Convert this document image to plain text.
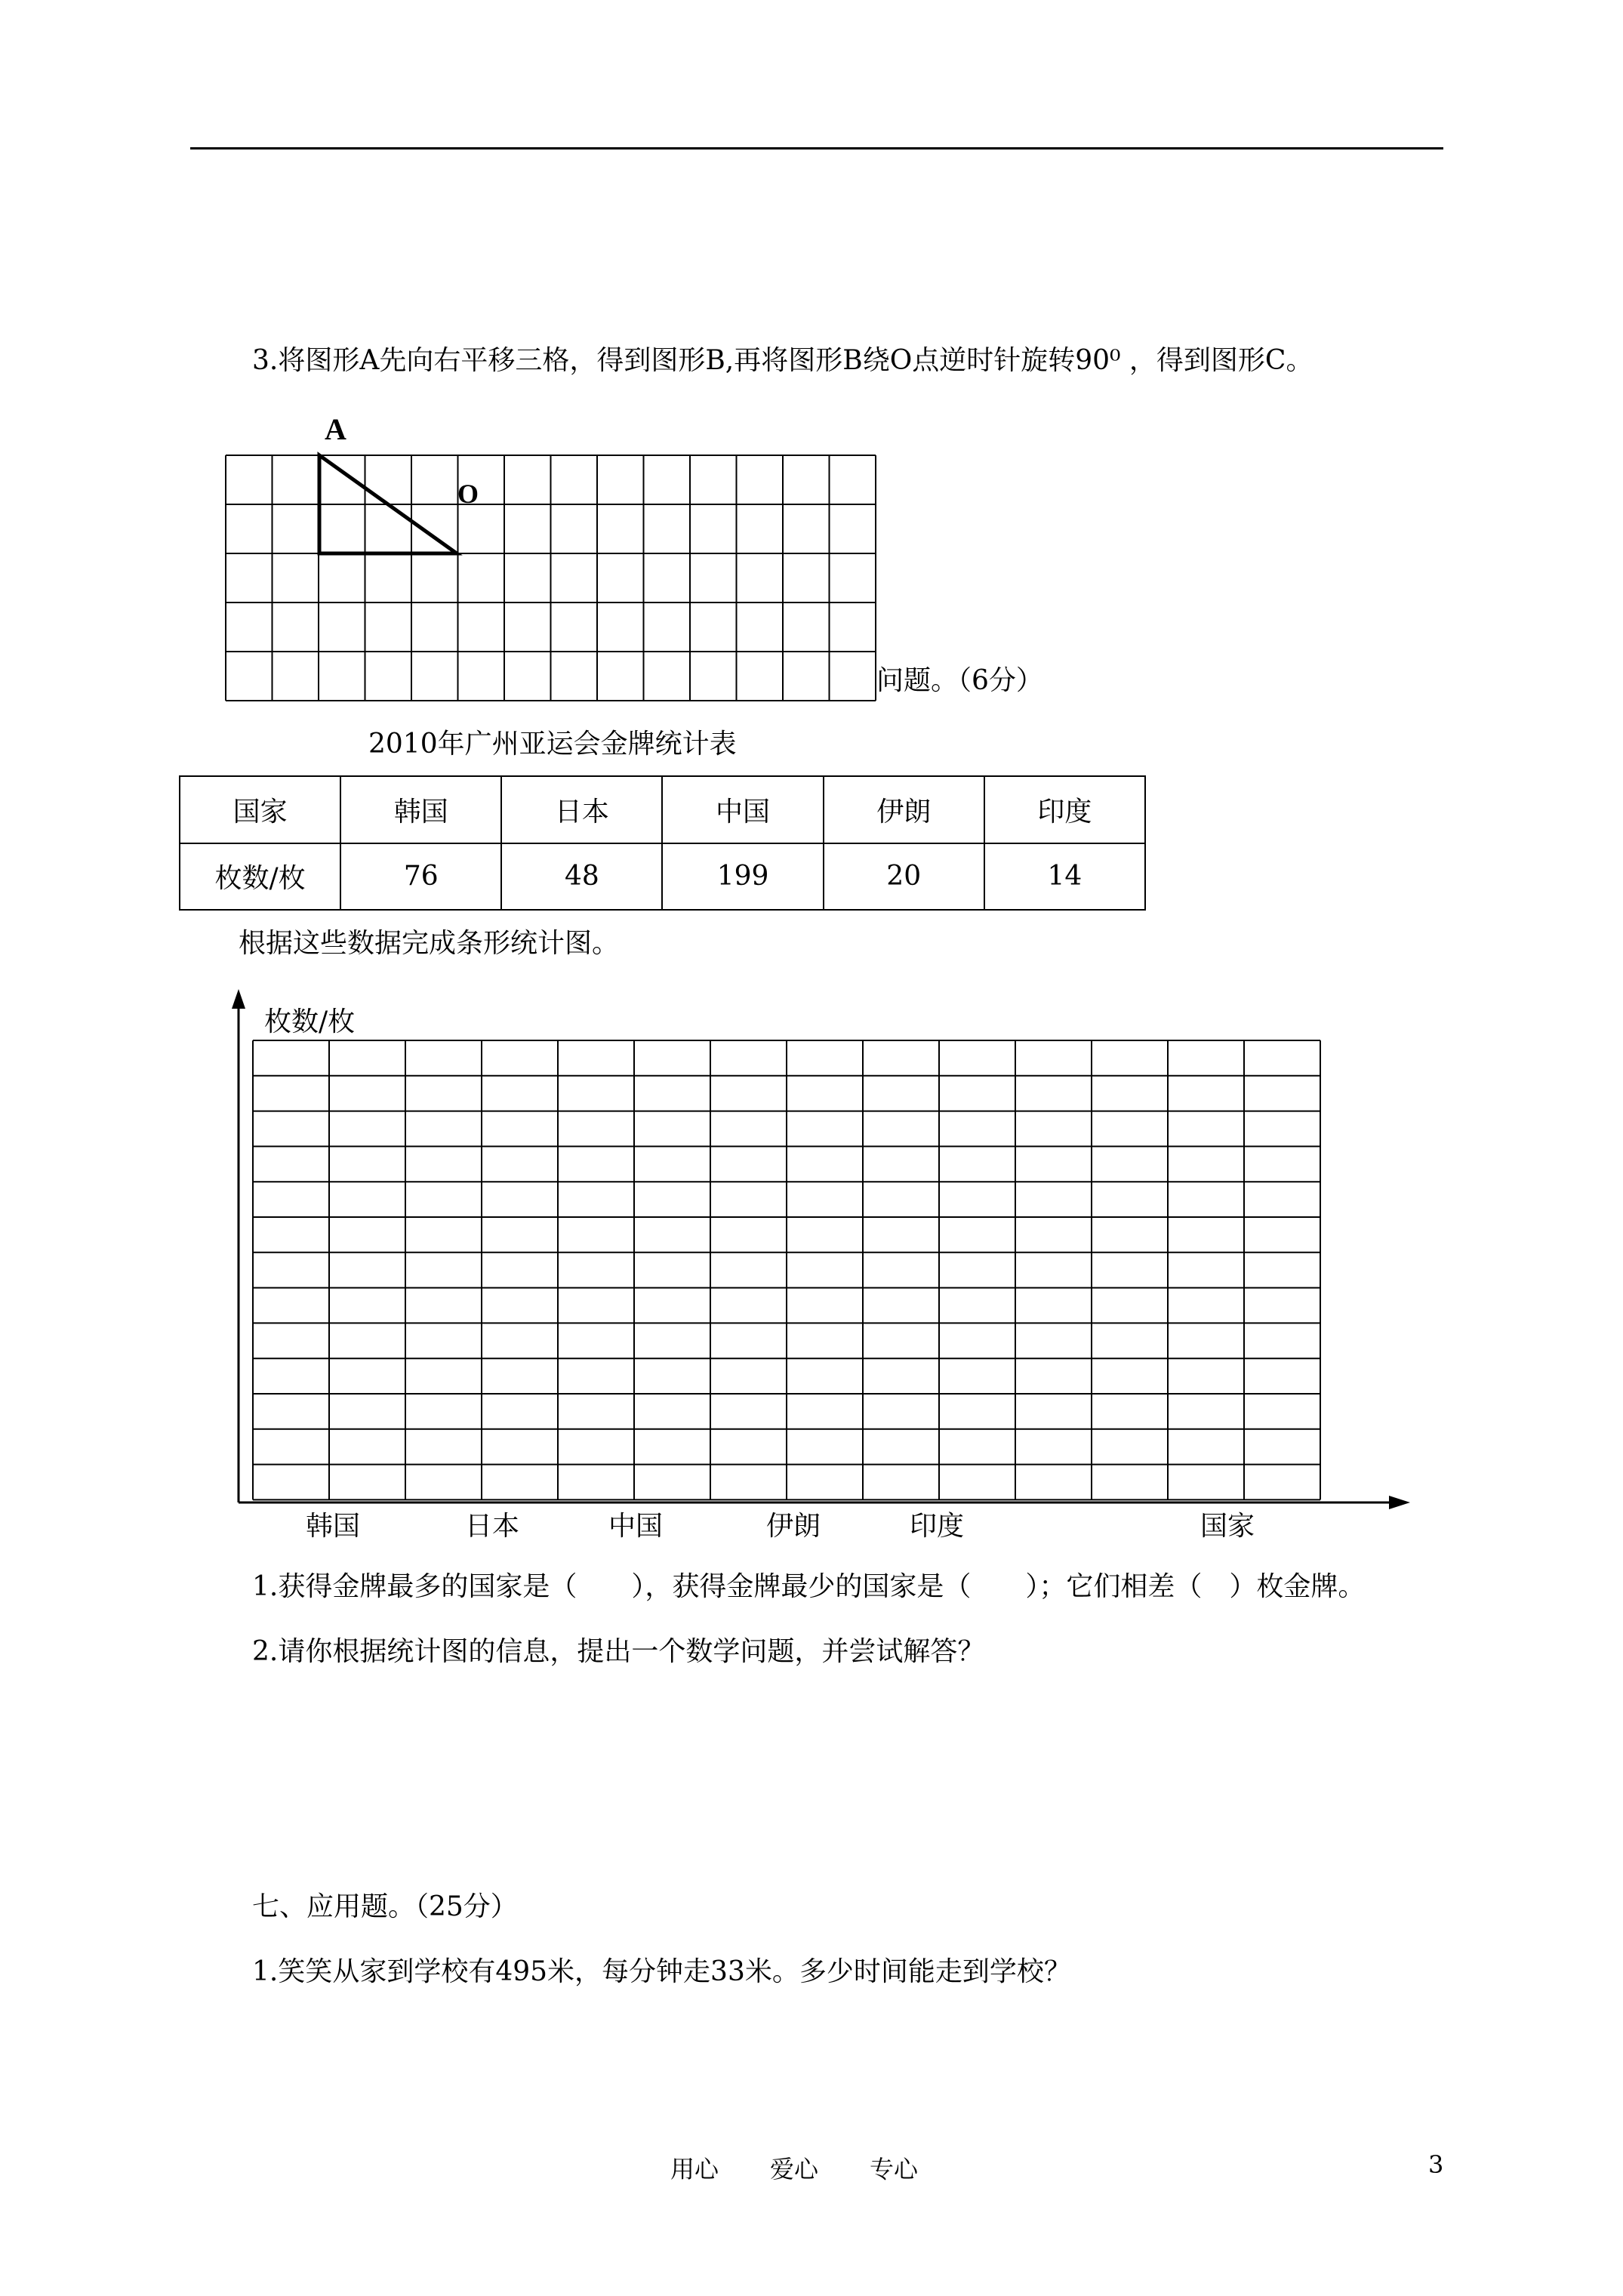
3.将图形A先向右平移三格，得到图形B,再将图形B绕O点逆时针旋转90⁰ ，得到图形C。
A
O
问题。（6分）
2010年广州亚运会金牌统计表
国家	韩国	日本	中国	伊朗	印度
枚数/枚	76	48	199	20	14
根据这些数据完成条形统计图。
枚数/枚
韩国	日本	中国	伊朗	印度	国家
1.获得金牌最多的国家是（　　），获得金牌最少的国家是（　　）；它们相差（　）枚金牌。
2.请你根据统计图的信息，提出一个数学问题，并尝试解答？
七、应用题。（25分）
1.笑笑从家到学校有495米，每分钟走33米。多少时间能走到学校？
用心 爱心 专心	3
